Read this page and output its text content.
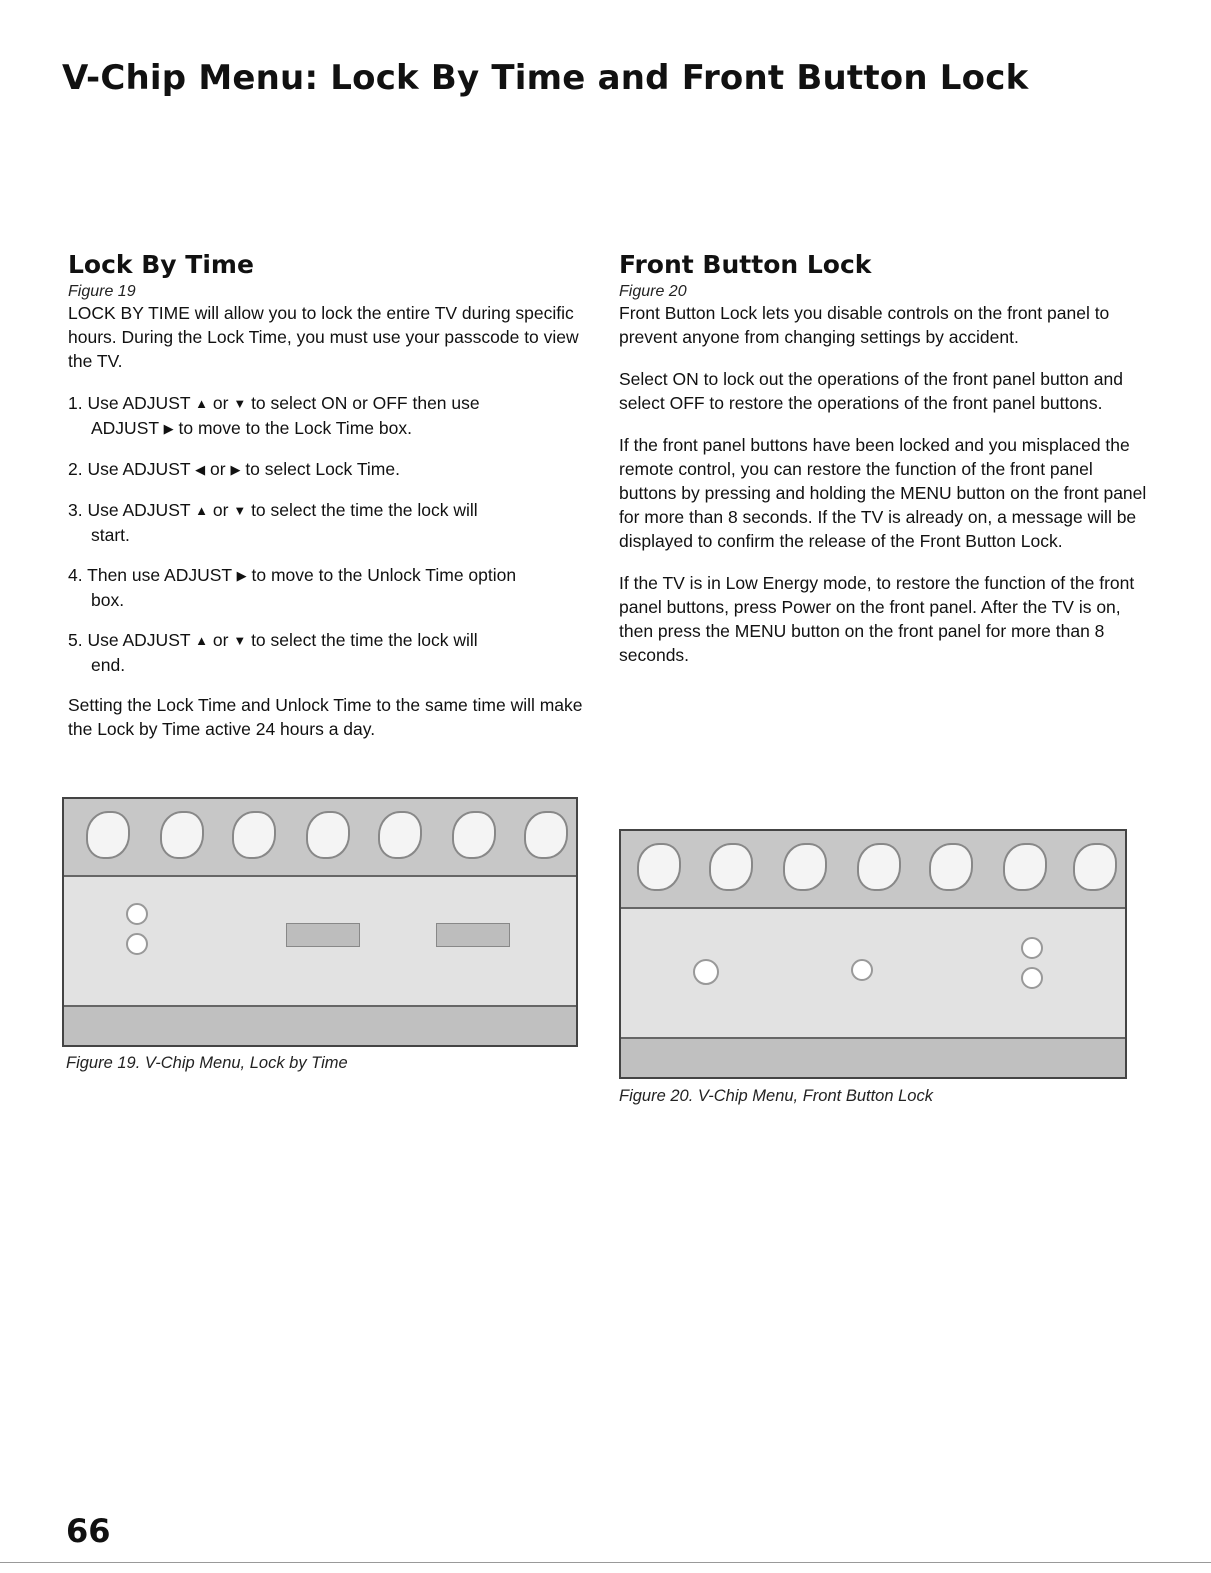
V-Chip Menu: Lock By Time and Front Button Lock
Lock By Time
Figure 19

LOCK BY TIME will allow you to lock the entire TV during specific hours. During the Lock Time, you must use your passcode to view the TV.

1. Use ADJUST ▲ or ▼ to select ON or OFF then use
ADJUST ▶ to move to the Lock Time box.
2. Use ADJUST ◀ or ▶ to select Lock Time.
3. Use ADJUST ▲ or ▼ to select the time the lock will
start.
4. Then use ADJUST ▶ to move to the Unlock Time option
box.
5. Use ADJUST ▲ or ▼ to select the time the lock will
end.

Setting the Lock Time and Unlock Time to the same time will make the Lock by Time active 24 hours a day.

Front Button Lock
Figure 20

Front Button Lock lets you disable controls on the front panel to prevent anyone from changing settings by accident.

Select ON to lock out the operations of the front panel button and select OFF to restore the operations of the front panel buttons.

If the front panel buttons have been locked and you misplaced the remote control, you can restore the function of the front panel buttons by pressing and holding the MENU button on the front panel for more than 8 seconds. If the TV is already on, a message will be displayed to confirm the release of the Front Button Lock.

If the TV is in Low Energy mode, to restore the function of the front panel buttons, press Power on the front panel. After the TV is on, then press the MENU button on the front panel for more than 8 seconds.

Figure 19. V-Chip Menu, Lock by Time
Figure 20. V-Chip Menu, Front Button Lock
66
